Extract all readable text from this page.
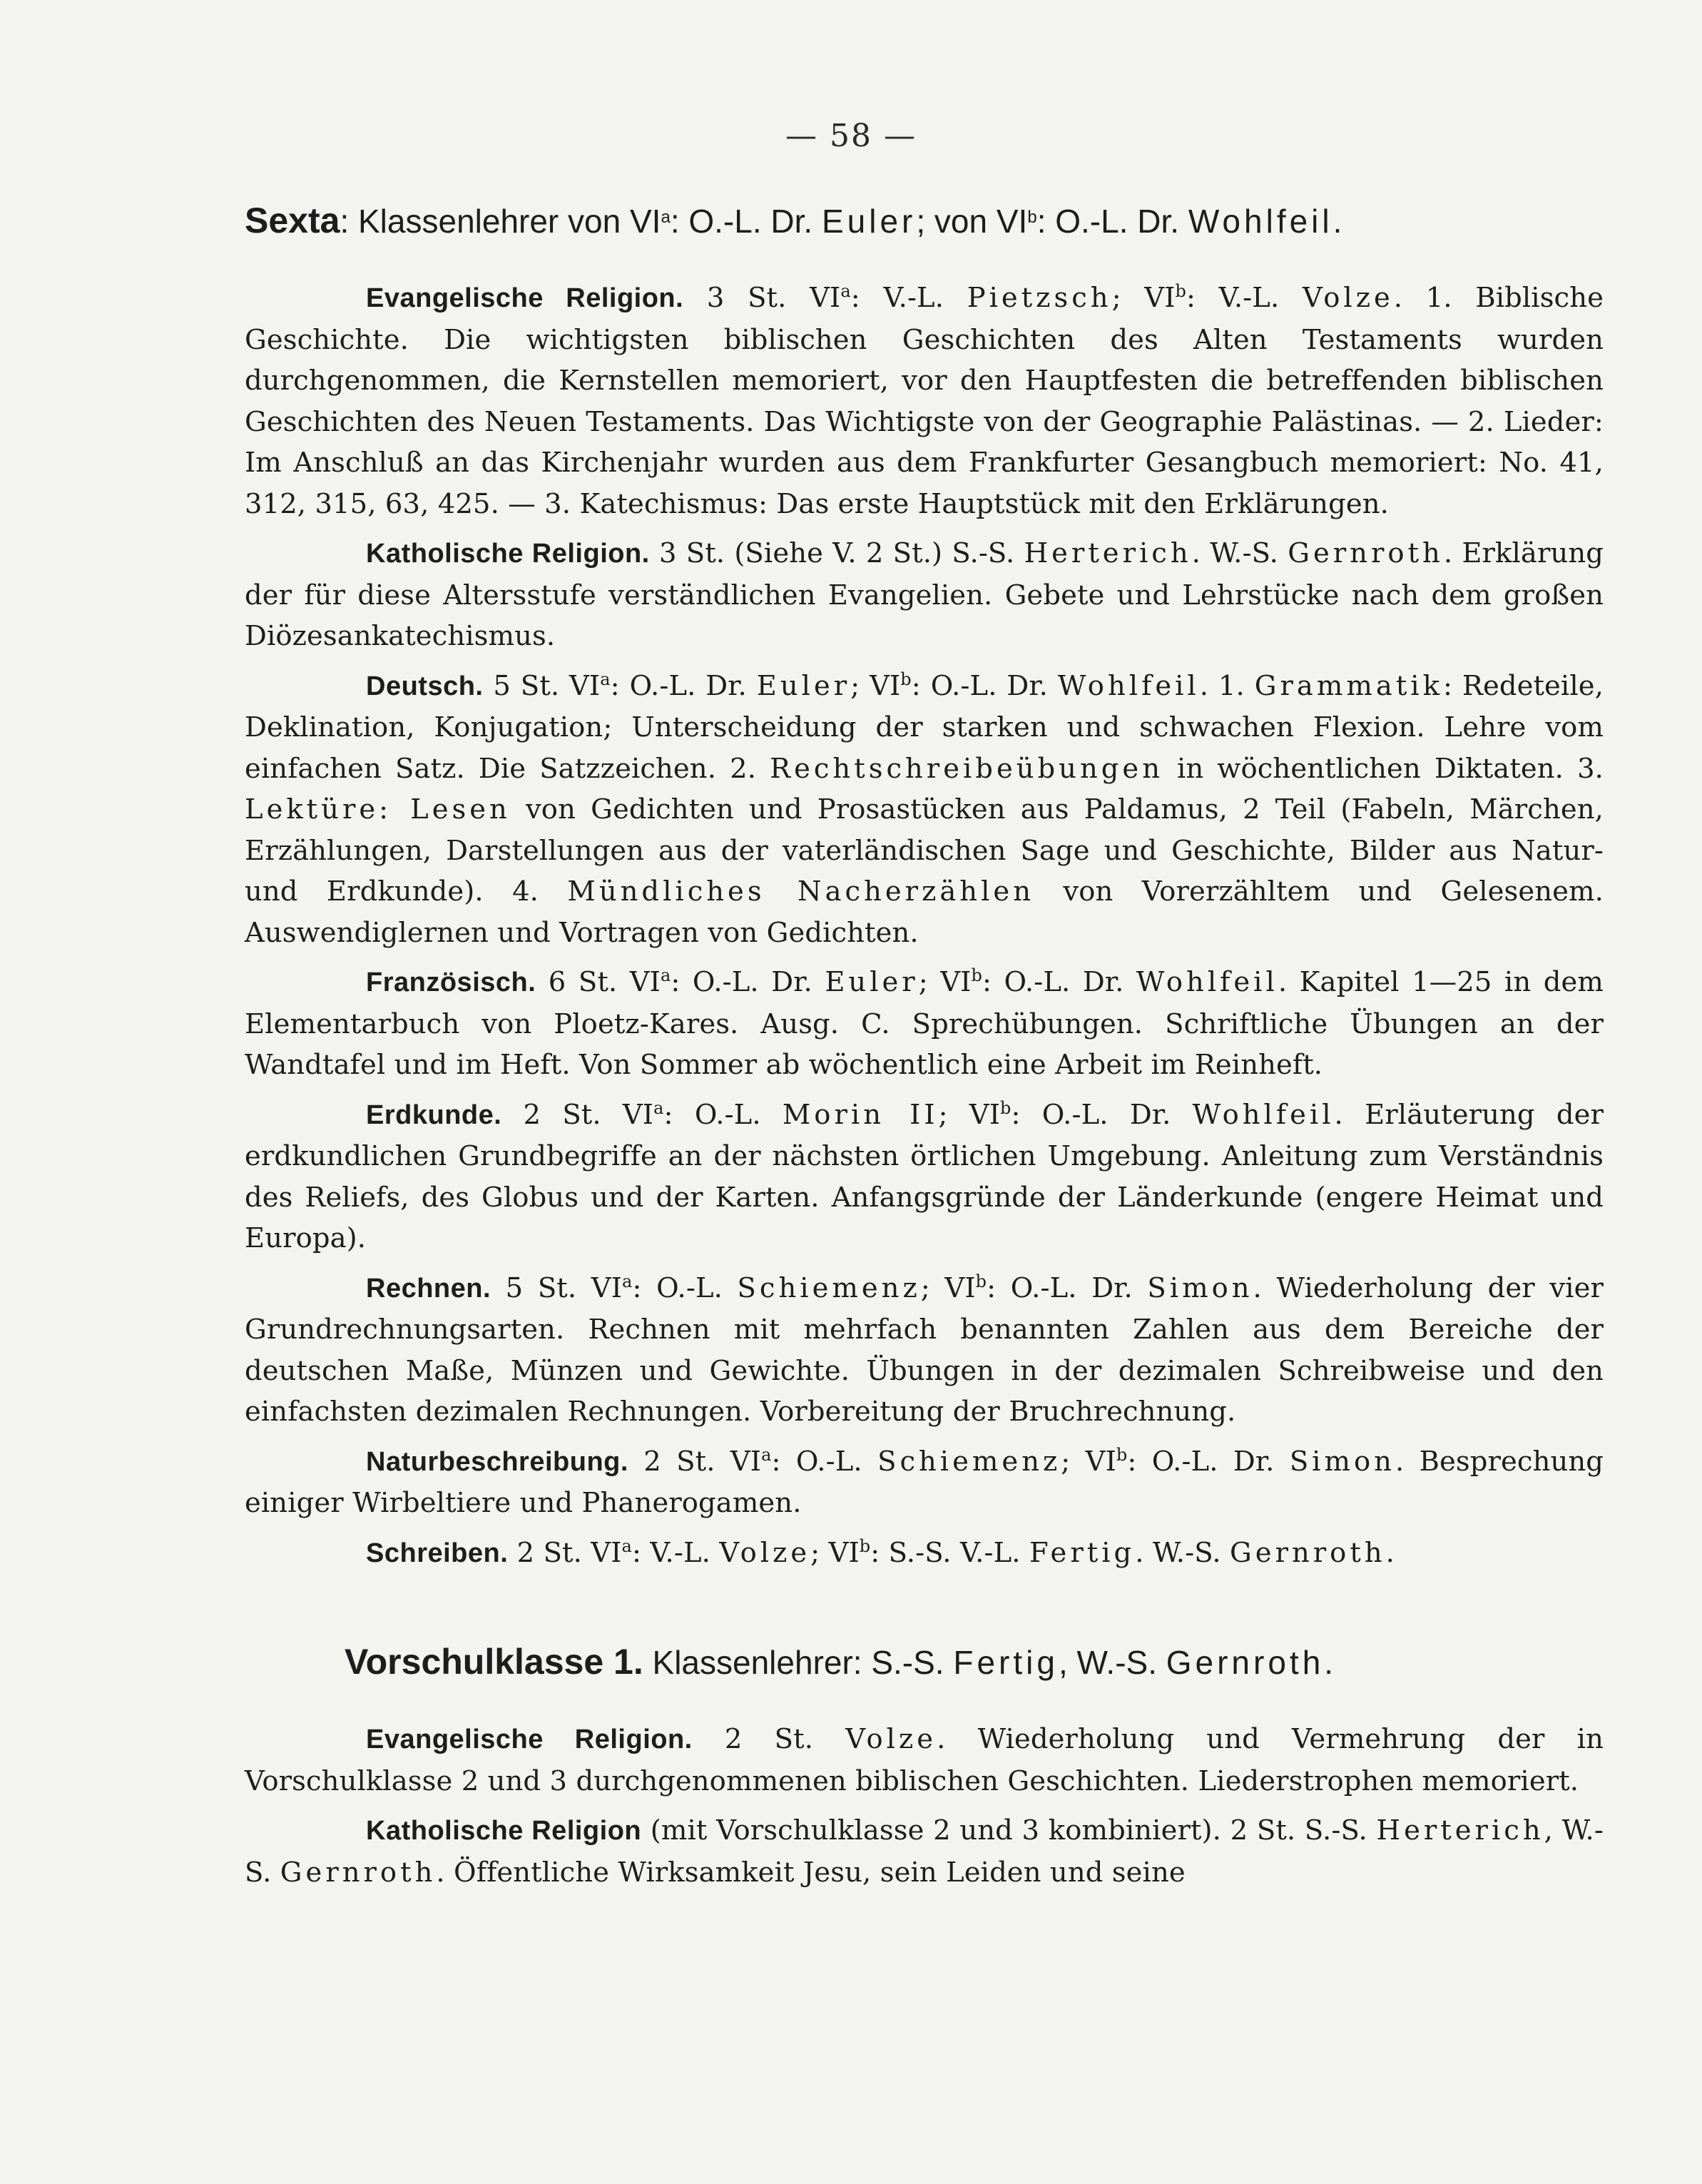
— 58 —

Sexta: Klassenlehrer von $VI^a$: O.-L. Dr. Euler; von $VI^b$: O.-L. Dr. Wohlfeil.

Evangelische Religion. 3 St. $VI^a$: V.-L. Pietzsch; $VI^b$: V.-L. Volze. 1. Biblische Geschichte. Die wichtigsten biblischen Geschichten des Alten Testaments wurden durchgenommen, die Kernstellen memoriert, vor den Hauptfesten die betreffenden biblischen Geschichten des Neuen Testaments. Das Wichtigste von der Geographie Palästinas. — 2. Lieder: Im Anschluß an das Kirchenjahr wurden aus dem Frankfurter Gesangbuch memoriert: No. 41, 312, 315, 63, 425. — 3. Katechismus: Das erste Hauptstück mit den Erklärungen.

Katholische Religion. 3 St. (Siehe V. 2 St.) S.-S. Herterich. W.-S. Gernroth. Erklärung der für diese Altersstufe verständlichen Evangelien. Gebete und Lehrstücke nach dem großen Diözesankatechismus.

Deutsch. 5 St. $VI^a$: O.-L. Dr. Euler; $VI^b$: O.-L. Dr. Wohlfeil. 1. Grammatik: Redeteile, Deklination, Konjugation; Unterscheidung der starken und schwachen Flexion. Lehre vom einfachen Satz. Die Satzzeichen. 2. Rechtschreibeübungen in wöchentlichen Diktaten. 3. Lektüre: Lesen von Gedichten und Prosastücken aus Paldamus, 2 Teil (Fabeln, Märchen, Erzählungen, Darstellungen aus der vaterländischen Sage und Geschichte, Bilder aus Natur- und Erdkunde). 4. Mündliches Nacherzählen von Vorerzähltem und Gelesenem. Auswendiglernen und Vortragen von Gedichten.

Französisch. 6 St. $VI^a$: O.-L. Dr. Euler; $VI^b$: O.-L. Dr. Wohlfeil. Kapitel 1—25 in dem Elementarbuch von Ploetz-Kares. Ausg. C. Sprechübungen. Schriftliche Übungen an der Wandtafel und im Heft. Von Sommer ab wöchentlich eine Arbeit im Reinheft.

Erdkunde. 2 St. $VI^a$: O.-L. Morin II; $VI^b$: O.-L. Dr. Wohlfeil. Erläuterung der erdkundlichen Grundbegriffe an der nächsten örtlichen Umgebung. Anleitung zum Verständnis des Reliefs, des Globus und der Karten. Anfangsgründe der Länderkunde (engere Heimat und Europa).

Rechnen. 5 St. $VI^a$: O.-L. Schiemenz; $VI^b$: O.-L. Dr. Simon. Wiederholung der vier Grundrechnungsarten. Rechnen mit mehrfach benannten Zahlen aus dem Bereiche der deutschen Maße, Münzen und Gewichte. Übungen in der dezimalen Schreibweise und den einfachsten dezimalen Rechnungen. Vorbereitung der Bruchrechnung.

Naturbeschreibung. 2 St. $VI^a$: O.-L. Schiemenz; $VI^b$: O.-L. Dr. Simon. Besprechung einiger Wirbeltiere und Phanerogamen.

Schreiben. 2 St. $VI^a$: V.-L. Volze; $VI^b$: S.-S. V.-L. Fertig. W.-S. Gernroth.

Vorschulklasse 1. Klassenlehrer: S.-S. Fertig, W.-S. Gernroth.

Evangelische Religion. 2 St. Volze. Wiederholung und Vermehrung der in Vorschulklasse 2 und 3 durchgenommenen biblischen Geschichten. Liederstrophen memoriert.

Katholische Religion (mit Vorschulklasse 2 und 3 kombiniert). 2 St. S.-S. Herterich, W.-S. Gernroth. Öffentliche Wirksamkeit Jesu, sein Leiden und seine
